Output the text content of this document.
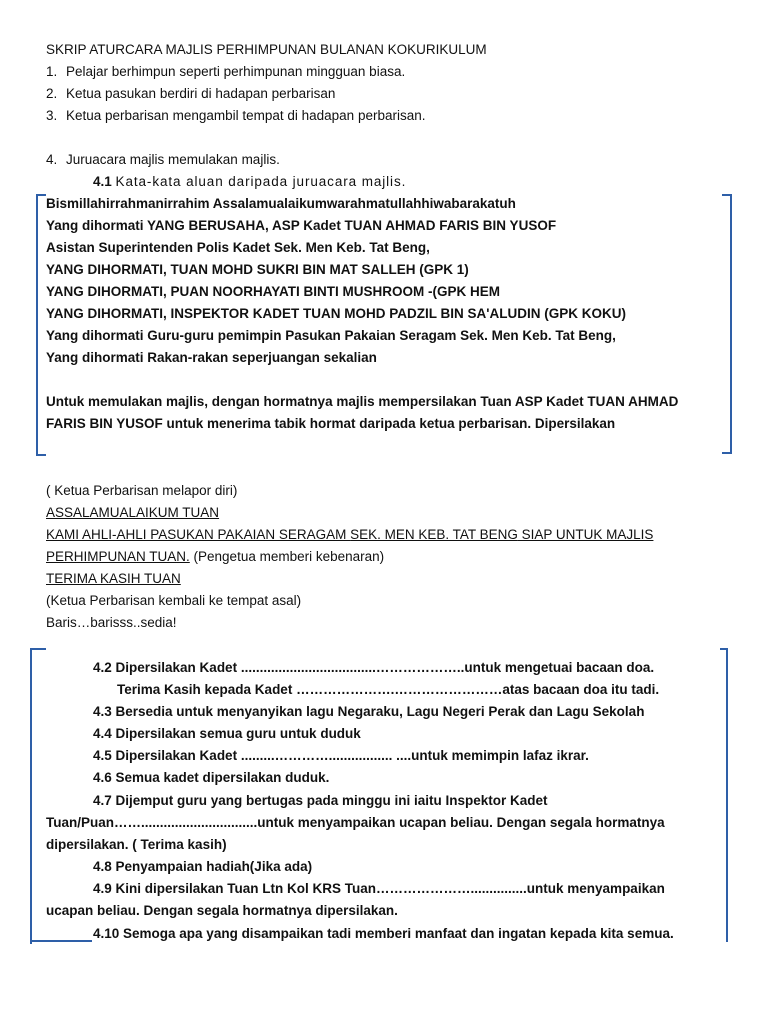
SKRIP ATURCARA MAJLIS PERHIMPUNAN BULANAN KOKURIKULUM
1. Pelajar berhimpun seperti perhimpunan mingguan biasa.
2. Ketua pasukan berdiri di hadapan perbarisan
3. Ketua perbarisan mengambil tempat di hadapan perbarisan.
4. Juruacara majlis memulakan majlis.
4.1 Kata-kata aluan daripada juruacara majlis.
Bismillahirrahmanirrahim Assalamualaikumwarahmatullahhiwabarakatuh
Yang dihormati YANG BERUSAHA, ASP Kadet TUAN AHMAD FARIS BIN YUSOF
Asistan Superintenden Polis Kadet Sek. Men Keb. Tat Beng,
YANG DIHORMATI, TUAN MOHD SUKRI BIN MAT SALLEH (GPK 1)
YANG DIHORMATI, PUAN NOORHAYATI BINTI MUSHROOM -(GPK HEM
YANG DIHORMATI, INSPEKTOR KADET TUAN MOHD PADZIL BIN SA'ALUDIN (GPK KOKU)
Yang dihormati Guru-guru pemimpin Pasukan Pakaian Seragam Sek. Men Keb. Tat Beng,
Yang dihormati Rakan-rakan seperjuangan sekalian
Untuk memulakan majlis, dengan hormatnya majlis mempersilakan Tuan ASP Kadet TUAN AHMAD
FARIS BIN YUSOF untuk menerima tabik hormat daripada ketua perbarisan. Dipersilakan
( Ketua Perbarisan melapor diri)
ASSALAMUALAIKUM TUAN
KAMI AHLI-AHLI PASUKAN PAKAIAN SERAGAM SEK. MEN KEB. TAT BENG SIAP UNTUK MAJLIS
PERHIMPUNAN TUAN. (Pengetua memberi kebenaran)
TERIMA KASIH TUAN
(Ketua Perbarisan kembali ke tempat asal)
Baris…barisss..sedia!
4.2 Dipersilakan Kadet ....................................………………..untuk mengetuai bacaan doa.
Terima Kasih kepada Kadet ………………….……………………atas bacaan doa itu tadi.
4.3 Bersedia untuk menyanyikan lagu Negaraku, Lagu Negeri Perak dan Lagu Sekolah
4.4 Dipersilakan semua guru untuk duduk
4.5 Dipersilakan Kadet .........…………................. ....untuk memimpin lafaz ikrar.
4.6 Semua kadet dipersilakan duduk.
4.7 Dijemput guru yang bertugas pada minggu ini iaitu Inspektor Kadet
Tuan/Puan……...............................untuk menyampaikan ucapan beliau. Dengan segala hormatnya
dipersilakan. ( Terima kasih)
4.8 Penyampaian hadiah(Jika ada)
4.9 Kini dipersilakan Tuan Ltn Kol KRS Tuan…………………...............untuk menyampaikan
ucapan beliau. Dengan segala hormatnya dipersilakan.
4.10 Semoga apa yang disampaikan tadi memberi manfaat dan ingatan kepada kita semua.
